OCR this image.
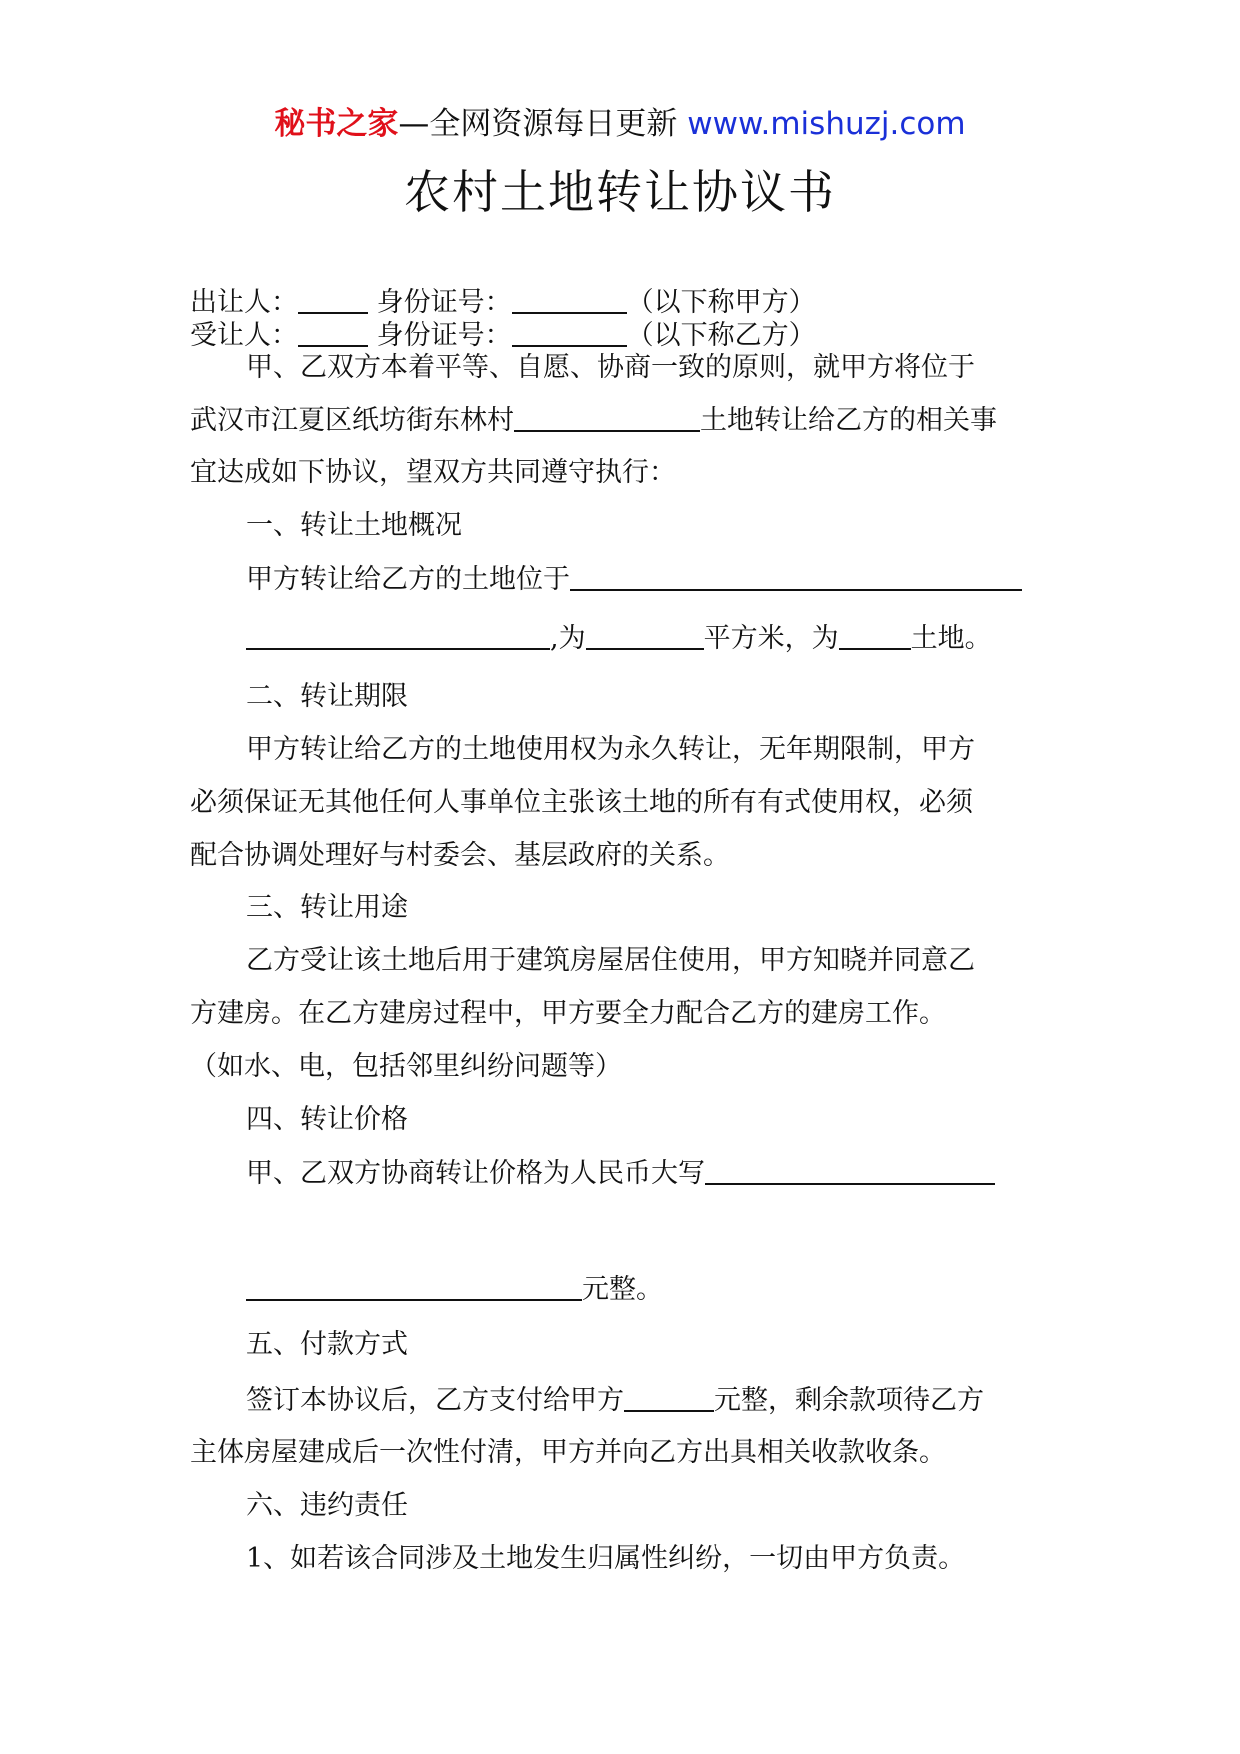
秘书之家—全网资源每日更新 www.mishuzj.com
农村土地转让协议书
出让人：	身份证号：	（以下称甲方）
受让人：	身份证号：	（以下称乙方）
甲、乙双方本着平等、自愿、协商一致的原则，就甲方将位于
武汉市江夏区纸坊街东林村	土地转让给乙方的相关事
宜达成如下协议，望双方共同遵守执行：
一、转让土地概况
甲方转让给乙方的土地位于
,为	平方米，为	土地。
二、转让期限
甲方转让给乙方的土地使用权为永久转让，无年期限制，甲方
必须保证无其他任何人事单位主张该土地的所有有式使用权，必须
配合协调处理好与村委会、基层政府的关系。
三、转让用途
乙方受让该土地后用于建筑房屋居住使用，甲方知晓并同意乙
方建房。在乙方建房过程中，甲方要全力配合乙方的建房工作。
（如水、电，包括邻里纠纷问题等）
四、转让价格
甲、乙双方协商转让价格为人民币大写
元整。
五、付款方式
签订本协议后，乙方支付给甲方	元整，剩余款项待乙方
主体房屋建成后一次性付清，甲方并向乙方出具相关收款收条。
六、违约责任
1、如若该合同涉及土地发生归属性纠纷，一切由甲方负责。
